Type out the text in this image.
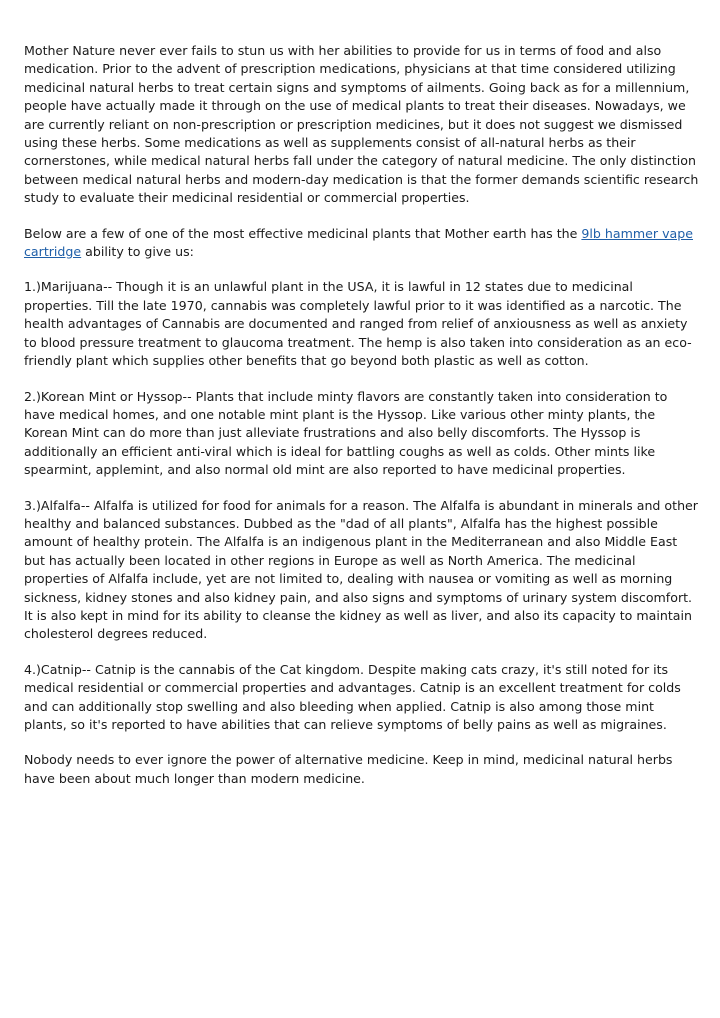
Mother Nature never ever fails to stun us with her abilities to provide for us in terms of food and also medication. Prior to the advent of prescription medications, physicians at that time considered utilizing medicinal natural herbs to treat certain signs and symptoms of ailments. Going back as for a millennium, people have actually made it through on the use of medical plants to treat their diseases. Nowadays, we are currently reliant on non-prescription or prescription medicines, but it does not suggest we dismissed using these herbs. Some medications as well as supplements consist of all-natural herbs as their cornerstones, while medical natural herbs fall under the category of natural medicine. The only distinction between medical natural herbs and modern-day medication is that the former demands scientific research study to evaluate their medicinal residential or commercial properties.

Below are a few of one of the most effective medicinal plants that Mother earth has the 9lb hammer vape cartridge ability to give us:

1.)Marijuana-- Though it is an unlawful plant in the USA, it is lawful in 12 states due to medicinal properties. Till the late 1970, cannabis was completely lawful prior to it was identified as a narcotic. The health advantages of Cannabis are documented and ranged from relief of anxiousness as well as anxiety to blood pressure treatment to glaucoma treatment. The hemp is also taken into consideration as an eco-friendly plant which supplies other benefits that go beyond both plastic as well as cotton.

2.)Korean Mint or Hyssop-- Plants that include minty flavors are constantly taken into consideration to have medical homes, and one notable mint plant is the Hyssop. Like various other minty plants, the Korean Mint can do more than just alleviate frustrations and also belly discomforts. The Hyssop is additionally an efficient anti-viral which is ideal for battling coughs as well as colds. Other mints like spearmint, applemint, and also normal old mint are also reported to have medicinal properties.

3.)Alfalfa-- Alfalfa is utilized for food for animals for a reason. The Alfalfa is abundant in minerals and other healthy and balanced substances. Dubbed as the "dad of all plants", Alfalfa has the highest possible amount of healthy protein. The Alfalfa is an indigenous plant in the Mediterranean and also Middle East but has actually been located in other regions in Europe as well as North America. The medicinal properties of Alfalfa include, yet are not limited to, dealing with nausea or vomiting as well as morning sickness, kidney stones and also kidney pain, and also signs and symptoms of urinary system discomfort. It is also kept in mind for its ability to cleanse the kidney as well as liver, and also its capacity to maintain cholesterol degrees reduced.

4.)Catnip-- Catnip is the cannabis of the Cat kingdom. Despite making cats crazy, it's still noted for its medical residential or commercial properties and advantages. Catnip is an excellent treatment for colds and can additionally stop swelling and also bleeding when applied. Catnip is also among those mint plants, so it's reported to have abilities that can relieve symptoms of belly pains as well as migraines.

Nobody needs to ever ignore the power of alternative medicine. Keep in mind, medicinal natural herbs have been about much longer than modern medicine.
